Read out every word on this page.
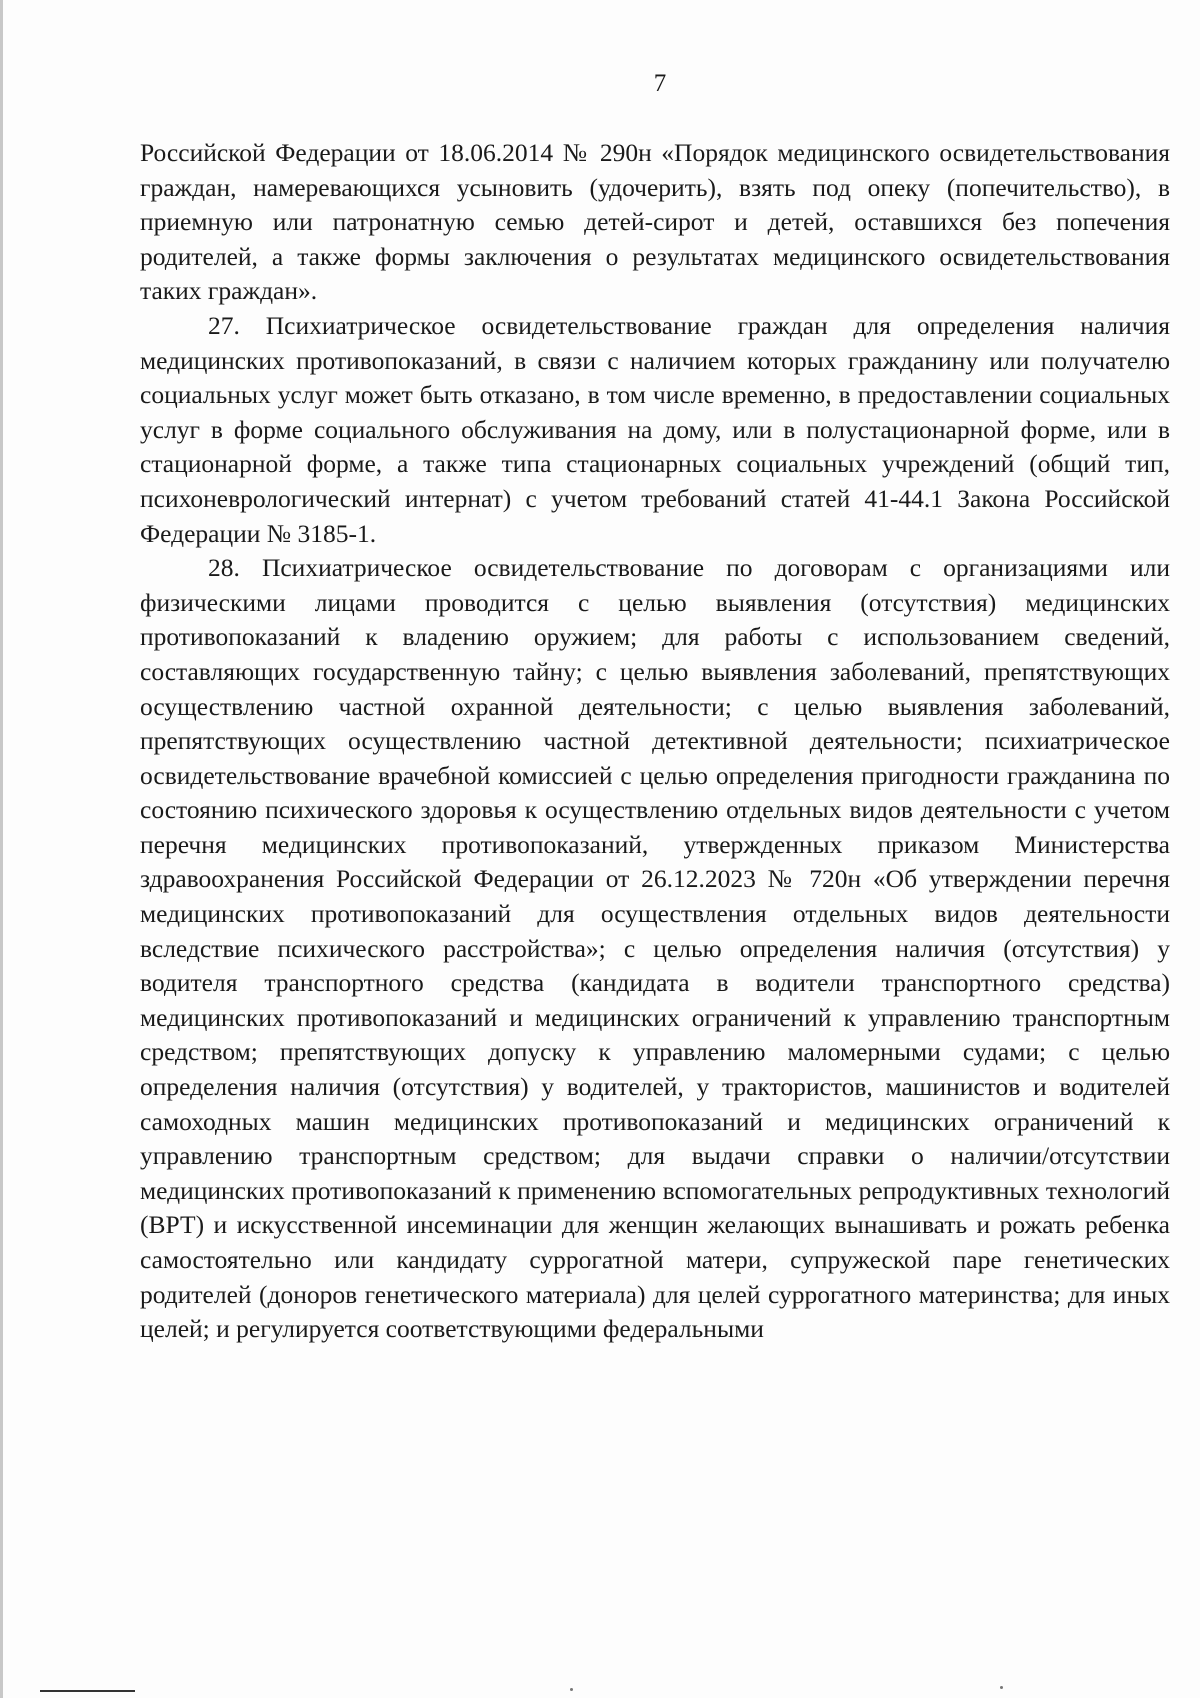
7

Российской Федерации от 18.06.2014 № 290н «Порядок медицинского освидетельствования граждан, намеревающихся усыновить (удочерить), взять под опеку (попечительство), в приемную или патронатную семью детей-сирот и детей, оставшихся без попечения родителей, а также формы заключения о результатах медицинского освидетельствования таких граждан».

27. Психиатрическое освидетельствование граждан для определения наличия медицинских противопоказаний, в связи с наличием которых гражданину или получателю социальных услуг может быть отказано, в том числе временно, в предоставлении социальных услуг в форме социального обслуживания на дому, или в полустационарной форме, или в стационарной форме, а также типа стационарных социальных учреждений (общий тип, психоневрологический интернат) с учетом требований статей 41-44.1 Закона Российской Федерации № 3185-1.

28. Психиатрическое освидетельствование по договорам с организациями или физическими лицами проводится с целью выявления (отсутствия) медицинских противопоказаний к владению оружием; для работы с использованием сведений, составляющих государственную тайну; с целью выявления заболеваний, препятствующих осуществлению частной охранной деятельности; с целью выявления заболеваний, препятствующих осуществлению частной детективной деятельности; психиатрическое освидетельствование врачебной комиссией с целью определения пригодности гражданина по состоянию психического здоровья к осуществлению отдельных видов деятельности с учетом перечня медицинских противопоказаний, утвержденных приказом Министерства здравоохранения Российской Федерации от 26.12.2023 № 720н «Об утверждении перечня медицинских противопоказаний для осуществления отдельных видов деятельности вследствие психического расстройства»; с целью определения наличия (отсутствия) у водителя транспортного средства (кандидата в водители транспортного средства) медицинских противопоказаний и медицинских ограничений к управлению транспортным средством; препятствующих допуску к управлению маломерными судами; с целью определения наличия (отсутствия) у водителей, у трактористов, машинистов и водителей самоходных машин медицинских противопоказаний и медицинских ограничений к управлению транспортным средством; для выдачи справки о наличии/отсутствии медицинских противопоказаний к применению вспомогательных репродуктивных технологий (ВРТ) и искусственной инсеминации для женщин желающих вынашивать и рожать ребенка самостоятельно или кандидату суррогатной матери, супружеской паре генетических родителей (доноров генетического материала) для целей суррогатного материнства; для иных целей; и регулируется соответствующими федеральными
